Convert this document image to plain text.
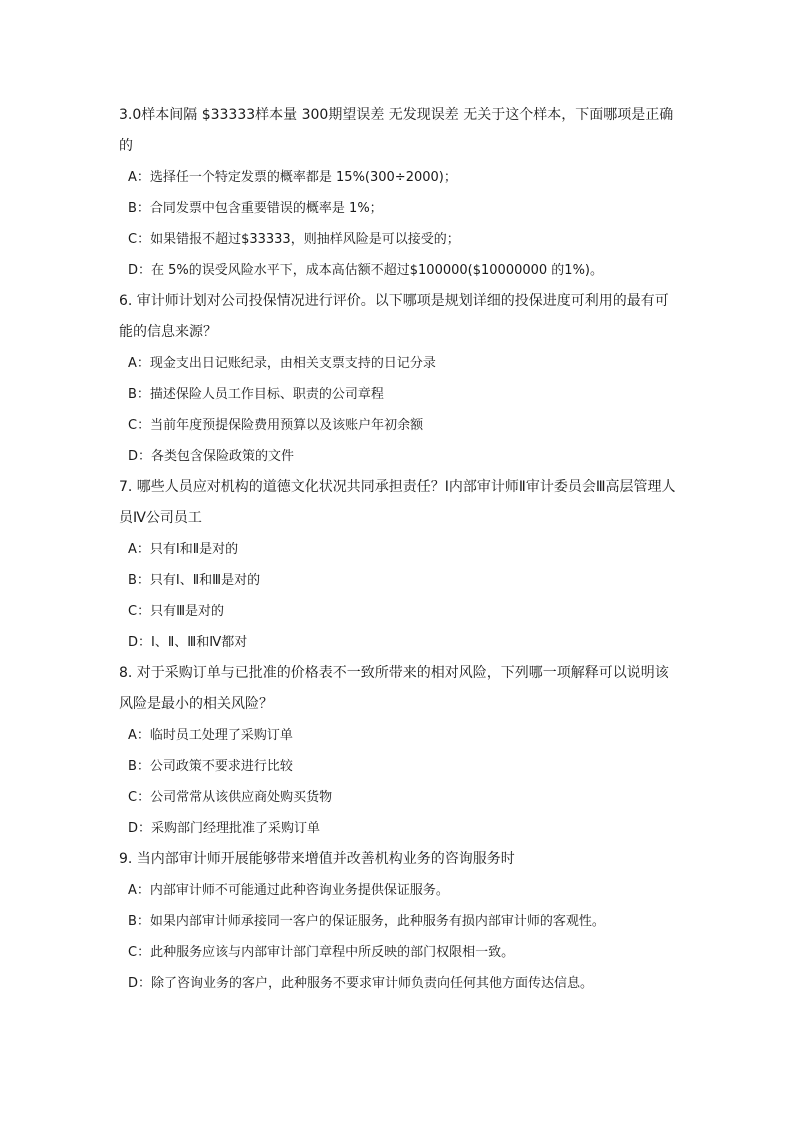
3.0样本间隔 $33333样本量 300期望误差 无发现误差 无关于这个样本，下面哪项是正确的

A：选择任一个特定发票的概率都是 15%(300÷2000)；

B：合同发票中包含重要错误的概率是 1%；

C：如果错报不超过$33333，则抽样风险是可以接受的；

D：在 5%的误受风险水平下，成本高估额不超过$100000($10000000 的1%)。

6. 审计师计划对公司投保情况进行评价。以下哪项是规划详细的投保进度可利用的最有可能的信息来源？

A：现金支出日记账纪录，由相关支票支持的日记分录

B：描述保险人员工作目标、职责的公司章程

C：当前年度预提保险费用预算以及该账户年初余额

D：各类包含保险政策的文件

7. 哪些人员应对机构的道德文化状况共同承担责任？Ⅰ内部审计师Ⅱ审计委员会Ⅲ高层管理人员Ⅳ公司员工

A：只有Ⅰ和Ⅱ是对的

B：只有Ⅰ、Ⅱ和Ⅲ是对的

C：只有Ⅲ是对的

D：Ⅰ、Ⅱ、Ⅲ和Ⅳ都对

8. 对于采购订单与已批准的价格表不一致所带来的相对风险，下列哪一项解释可以说明该风险是最小的相关风险？

A：临时员工处理了采购订单

B：公司政策不要求进行比较

C：公司常常从该供应商处购买货物

D：采购部门经理批准了采购订单

9. 当内部审计师开展能够带来增值并改善机构业务的咨询服务时

A：内部审计师不可能通过此种咨询业务提供保证服务。

B：如果内部审计师承接同一客户的保证服务，此种服务有损内部审计师的客观性。

C：此种服务应该与内部审计部门章程中所反映的部门权限相一致。

D：除了咨询业务的客户，此种服务不要求审计师负责向任何其他方面传达信息。
